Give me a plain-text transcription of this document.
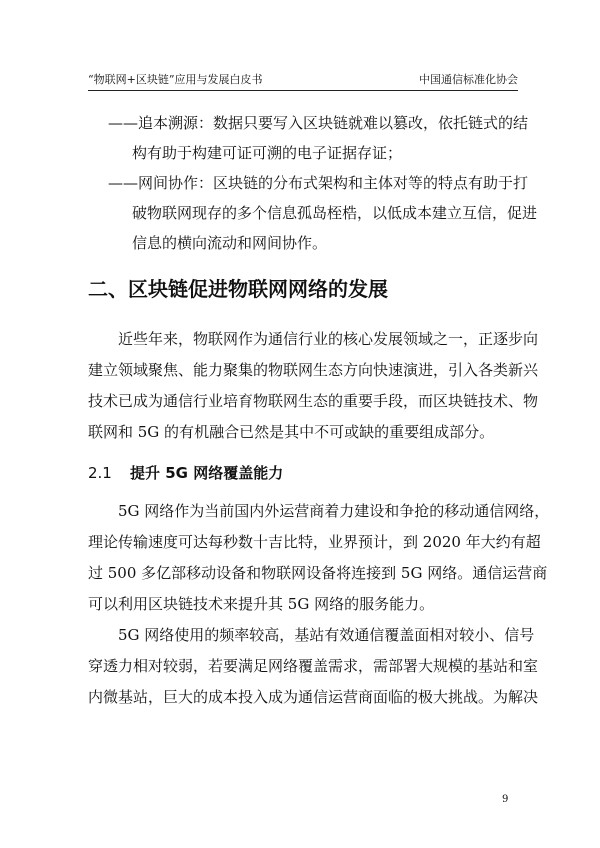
“物联网+区块链”应用与发展白皮书	中国通信标准化协会
——追本溯源：数据只要写入区块链就难以篡改，依托链式的结
构有助于构建可证可溯的电子证据存证；
——网间协作：区块链的分布式架构和主体对等的特点有助于打
破物联网现存的多个信息孤岛桎梏，以低成本建立互信，促进
信息的横向流动和网间协作。
二、区块链促进物联网网络的发展
近些年来，物联网作为通信行业的核心发展领域之一，正逐步向
建立领域聚焦、能力聚集的物联网生态方向快速演进，引入各类新兴
技术已成为通信行业培育物联网生态的重要手段，而区块链技术、物
联网和 5G 的有机融合已然是其中不可或缺的重要组成部分。
2.1 提升 5G 网络覆盖能力
5G 网络作为当前国内外运营商着力建设和争抢的移动通信网络，
理论传输速度可达每秒数十吉比特，业界预计，到 2020 年大约有超
过 500 多亿部移动设备和物联网设备将连接到 5G 网络。通信运营商
可以利用区块链技术来提升其 5G 网络的服务能力。
5G 网络使用的频率较高，基站有效通信覆盖面相对较小、信号
穿透力相对较弱，若要满足网络覆盖需求，需部署大规模的基站和室
内微基站，巨大的成本投入成为通信运营商面临的极大挑战。为解决
9
